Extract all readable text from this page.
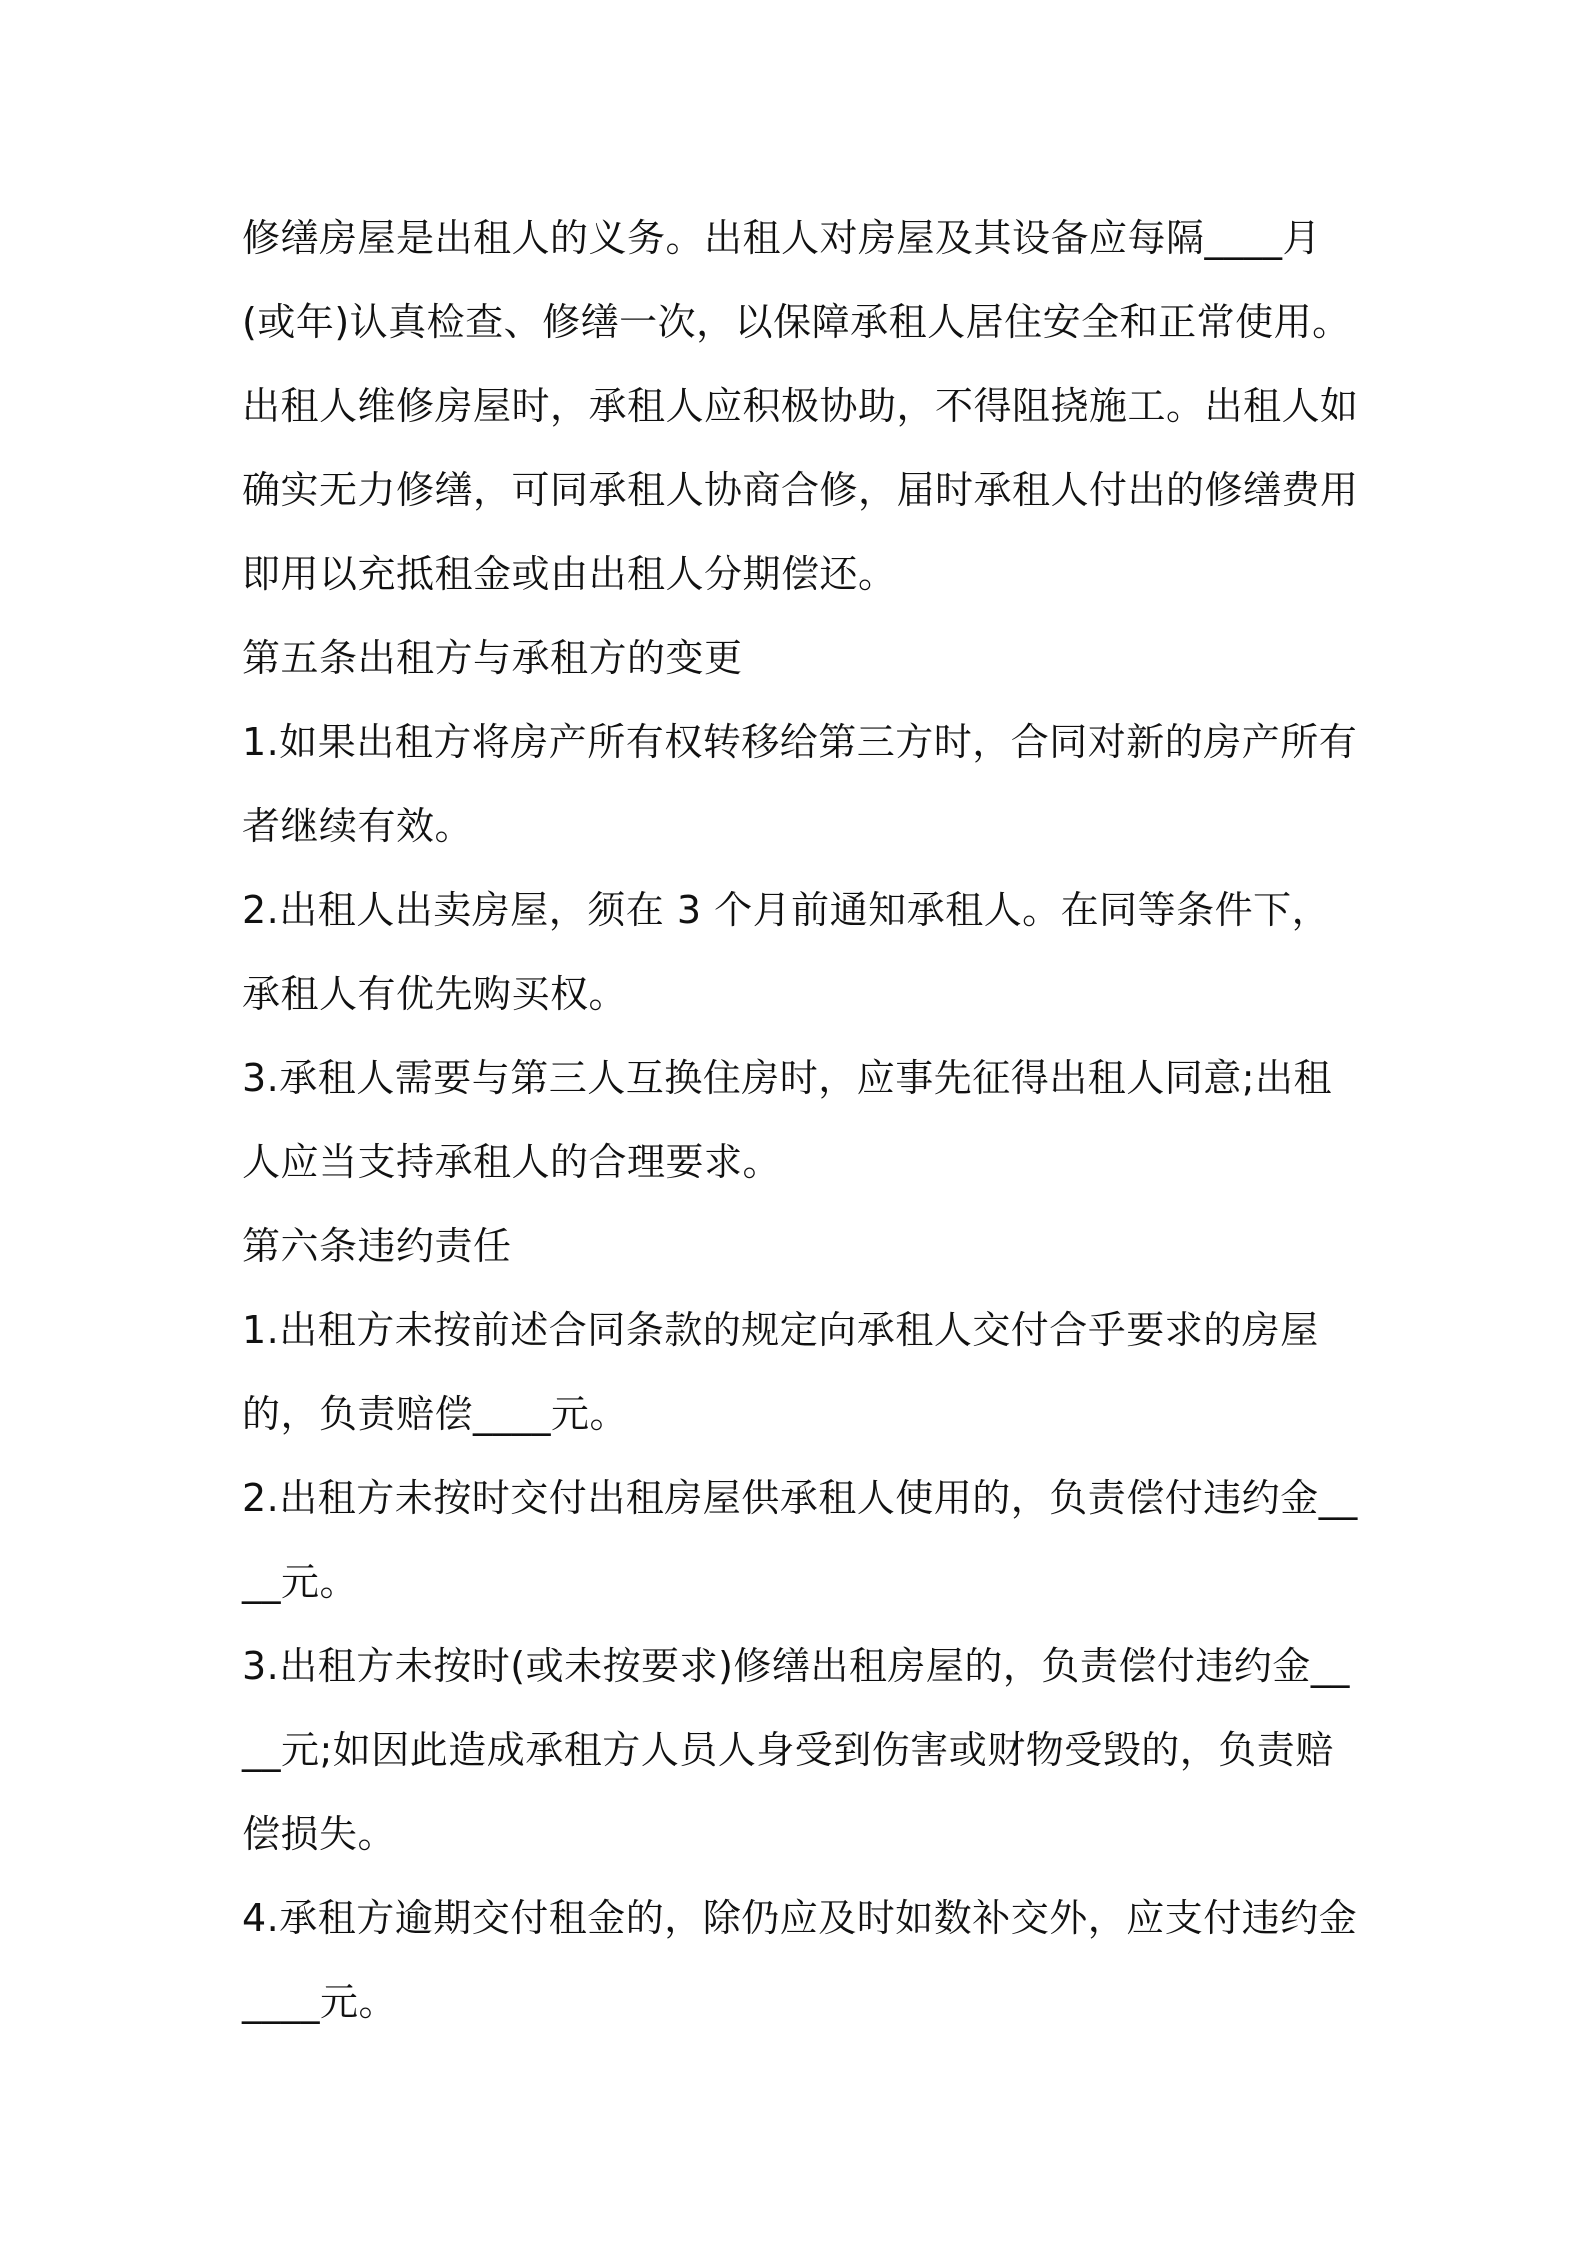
修缮房屋是出租人的义务。出租人对房屋及其设备应每隔____月(或年)认真检查、修缮一次，以保障承租人居住安全和正常使用。

出租人维修房屋时，承租人应积极协助，不得阻挠施工。出租人如确实无力修缮，可同承租人协商合修，届时承租人付出的修缮费用即用以充抵租金或由出租人分期偿还。

第五条出租方与承租方的变更

1.如果出租方将房产所有权转移给第三方时，合同对新的房产所有者继续有效。

2.出租人出卖房屋，须在 3 个月前通知承租人。在同等条件下，承租人有优先购买权。

3.承租人需要与第三人互换住房时，应事先征得出租人同意;出租人应当支持承租人的合理要求。

第六条违约责任

1.出租方未按前述合同条款的规定向承租人交付合乎要求的房屋的，负责赔偿____元。

2.出租方未按时交付出租房屋供承租人使用的，负责偿付违约金____元。

3.出租方未按时(或未按要求)修缮出租房屋的，负责偿付违约金____元;如因此造成承租方人员人身受到伤害或财物受毁的，负责赔偿损失。

4.承租方逾期交付租金的，除仍应及时如数补交外，应支付违约金____元。
